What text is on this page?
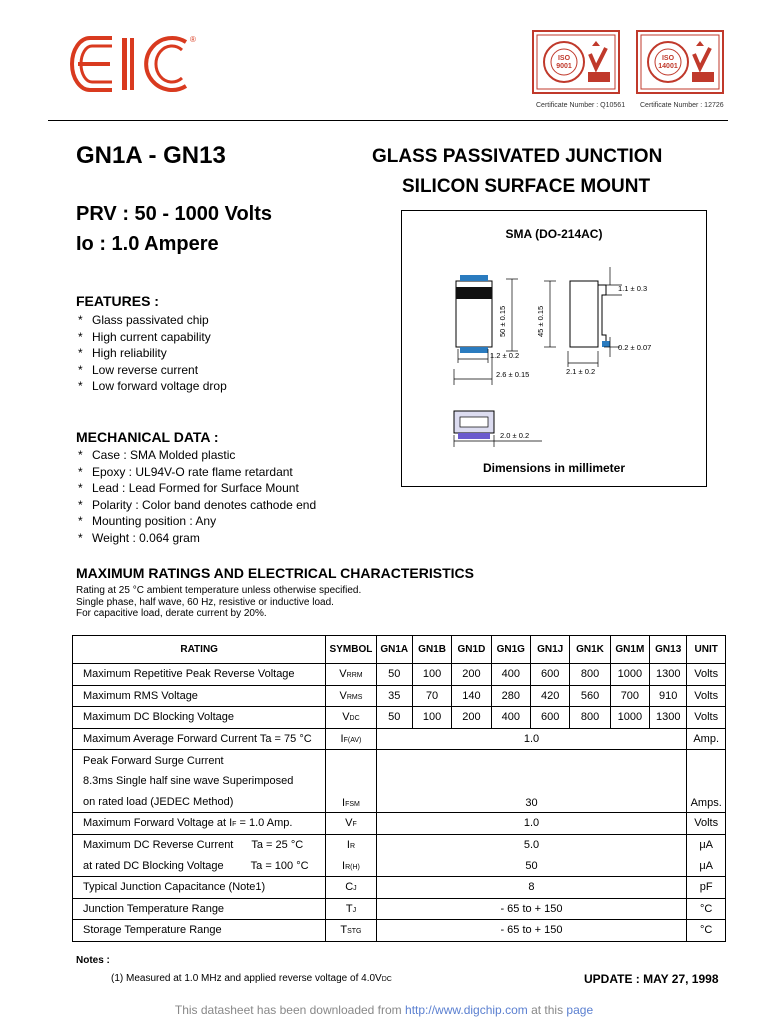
®
ISO
9001
ISO
14001
Certificate Number : Q10561 Certificate Number : 12726
GN1A - GN13	GLASS PASSIVATED JUNCTION
SILICON SURFACE MOUNT
PRV : 50 - 1000 Volts
Io : 1.0 Ampere
FEATURES :
* Glass passivated chip
* High current capability
* High reliability
* Low reverse current
* Low forward voltage drop
MECHANICAL DATA :
* Case : SMA Molded plastic
* Epoxy : UL94V-O rate flame retardant
* Lead : Lead Formed for Surface Mount
* Polarity : Color band denotes cathode end
* Mounting position : Any
* Weight : 0.064 gram
SMA (DO-214AC)
50 ± 0.15	45 ± 0.15
1.1 ± 0.3
0.2 ± 0.07
1.2 ± 0.2
2.6 ± 0.15	2.1 ± 0.2
2.0 ± 0.2
Dimensions in millimeter
MAXIMUM RATINGS AND ELECTRICAL CHARACTERISTICS
Rating at 25 °C ambient temperature unless otherwise specified.
Single phase, half wave, 60 Hz, resistive or inductive load.
For capacitive load, derate current by 20%.
RATING	SYMBOL	GN1A	GN1B	GN1D	GN1G	GN1J	GN1K	GN1M	GN13	UNIT
Maximum Repetitive Peak Reverse Voltage	VRRM	50	100	200	400	600	800	1000	1300	Volts
Maximum RMS Voltage	VRMS	35	70	140	280	420	560	700	910	Volts
Maximum DC Blocking Voltage	VDC	50	100	200	400	600	800	1000	1300	Volts
Maximum Average Forward Current Ta = 75 °C	IF(AV)	1.0								Amp.
Peak Forward Surge Current	IFSM	30								Amps.
8.3ms Single half sine wave Superimposed										
on rated load (JEDEC Method)										
Maximum Forward Voltage at IF = 1.0 Amp.	VF	1.0								Volts
Maximum DC Reverse Current Ta = 25 °C	IR	5.0								μA
at rated DC Blocking Voltage Ta = 100 °C	IR(H)	50								μA
Typical Junction Capacitance (Note1)	CJ	8								pF
Junction Temperature Range	TJ	- 65 to + 150								°C
Storage Temperature Range	TSTG	- 65 to + 150								°C
Notes :
(1) Measured at 1.0 MHz and applied reverse voltage of 4.0VDC	UPDATE : MAY 27, 1998
This datasheet has been downloaded from http://www.digchip.com at this page
